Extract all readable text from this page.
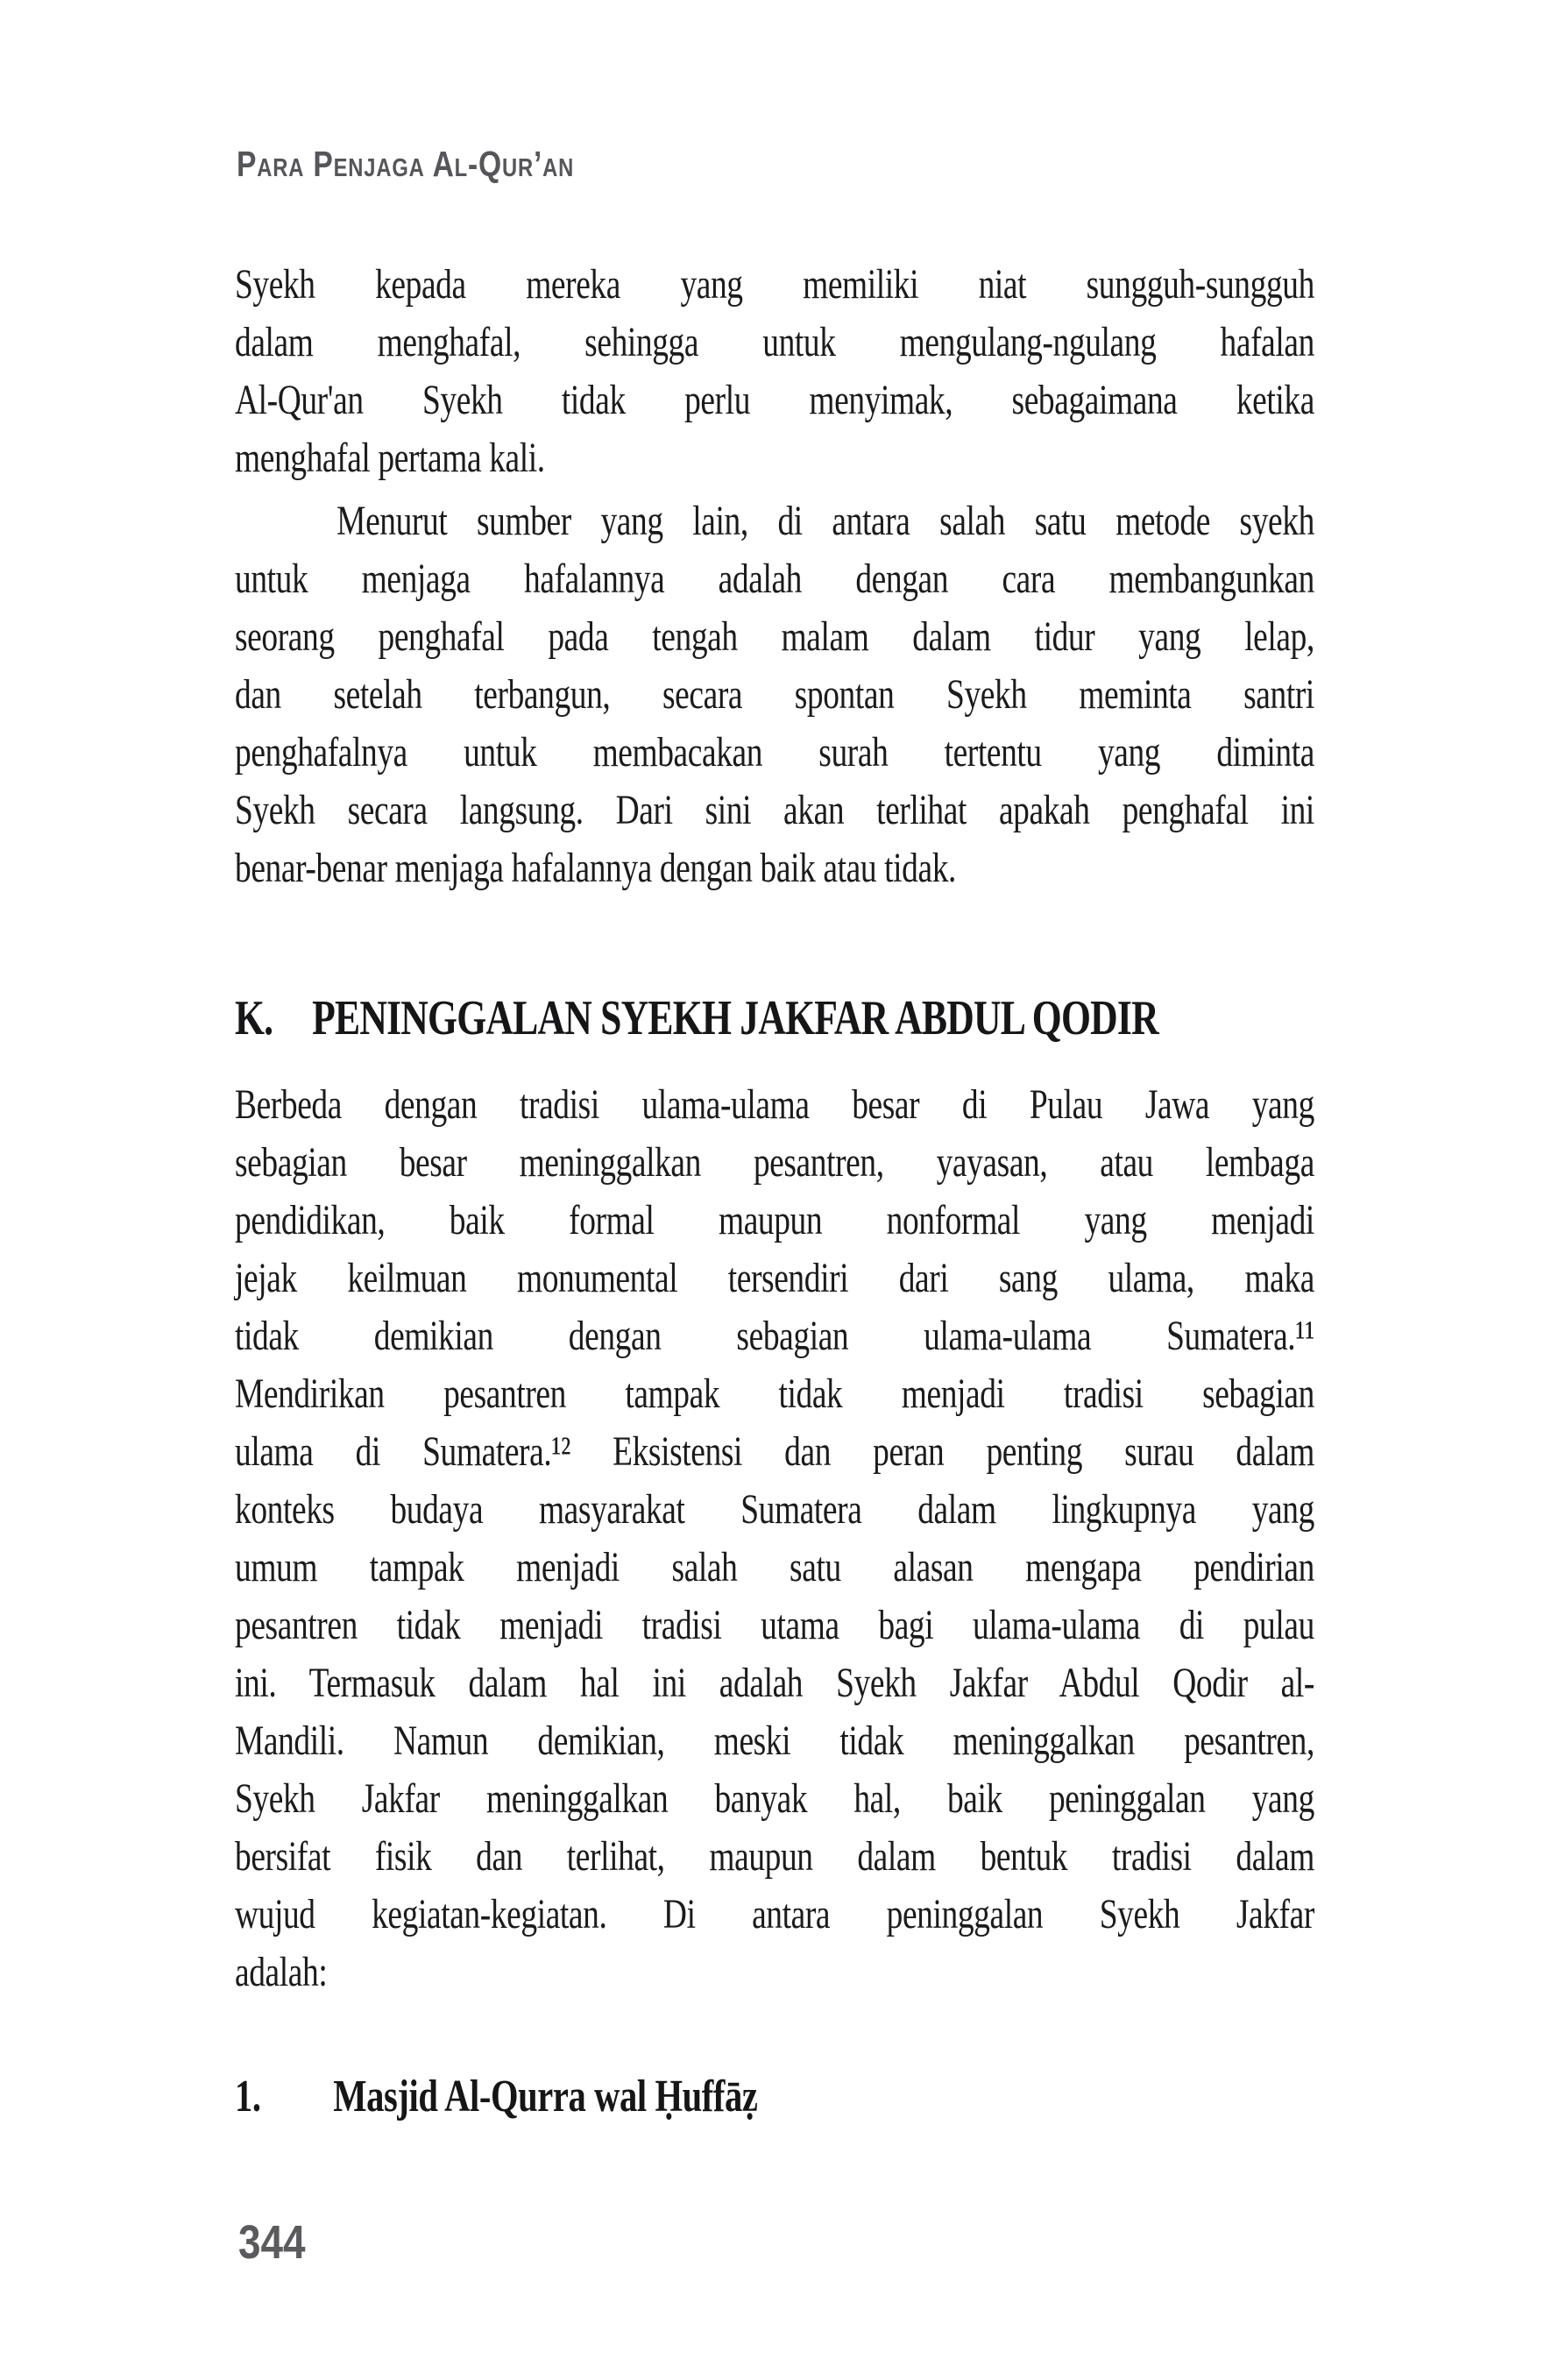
Para Penjaga Al-Qur’an
Syekh kepada mereka yang memiliki niat sungguh-sungguh
dalam menghafal, sehingga untuk mengulang-ngulang hafalan
Al-Qur'an Syekh tidak perlu menyimak, sebagaimana ketika
menghafal pertama kali.
Menurut sumber yang lain, di antara salah satu metode syekh
untuk menjaga hafalannya adalah dengan cara membangunkan
seorang penghafal pada tengah malam dalam tidur yang lelap,
dan setelah terbangun, secara spontan Syekh meminta santri
penghafalnya untuk membacakan surah tertentu yang diminta
Syekh secara langsung. Dari sini akan terlihat apakah penghafal ini
benar-benar menjaga hafalannya dengan baik atau tidak.
K. PENINGGALAN SYEKH JAKFAR ABDUL QODIR
Berbeda dengan tradisi ulama-ulama besar di Pulau Jawa yang
sebagian besar meninggalkan pesantren, yayasan, atau lembaga
pendidikan, baik formal maupun nonformal yang menjadi
jejak keilmuan monumental tersendiri dari sang ulama, maka
tidak demikian dengan sebagian ulama-ulama Sumatera.¹¹
Mendirikan pesantren tampak tidak menjadi tradisi sebagian
ulama di Sumatera.¹² Eksistensi dan peran penting surau dalam
konteks budaya masyarakat Sumatera dalam lingkupnya yang
umum tampak menjadi salah satu alasan mengapa pendirian
pesantren tidak menjadi tradisi utama bagi ulama-ulama di pulau
ini. Termasuk dalam hal ini adalah Syekh Jakfar Abdul Qodir al-
Mandili. Namun demikian, meski tidak meninggalkan pesantren,
Syekh Jakfar meninggalkan banyak hal, baik peninggalan yang
bersifat fisik dan terlihat, maupun dalam bentuk tradisi dalam
wujud kegiatan-kegiatan. Di antara peninggalan Syekh Jakfar
adalah:
1.	Masjid Al-Qurra wal Ḥuffāẓ
344
